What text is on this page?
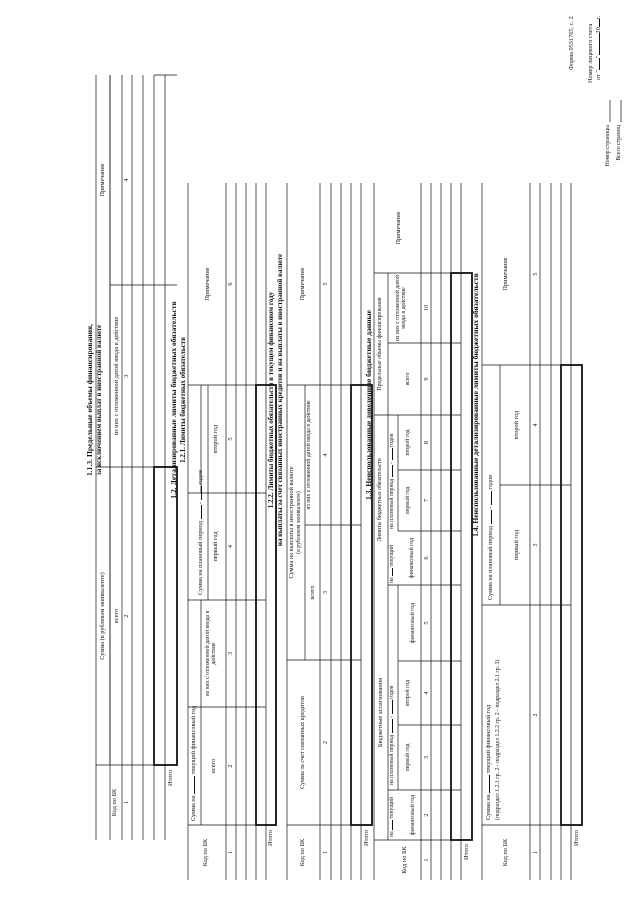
Форма 0531765, с. 2 Номер лицевого счета от ""20г.
1.1.3. Предельные объемы финансирования, за исключением выплат в иностранной валюте
Код по БК
Сумма (в рублевом эквиваленте) всего
из них с отложенной датой ввода в действие
Примечание
1
2
3
4
Итого
1.2. Детализированные лимиты бюджетных обязательств 1.2.1. Лимиты бюджетных обязательств
Код по БК
Сумма на  текущий финансовый год всего
из них с отложенной датой ввода в действие
Сумма на плановый период  -  годов
первый год
второй год
Примечание
1
2
3
4
5
6
Итого
1.2.2. Лимиты бюджетных обязательств в текущем финансовом году на выплаты за счет связанных иностранных кредитов и на выплаты в иностранной валюте
Код по БК
Сумма за счет связанных кредитов
Сумма на выплаты в иностранной валюте (в рублевом эквиваленте)
всего
из них с отложенной датой ввода в действие
Примечание
1
2
3
4
5
Итого
1.3. Неиспользованные доведенные бюджетные данные
Код по БК
Бюджетные ассигнования
на  текущий	финансовый год
на плановый период  -  годов
первый год
второй год
Лимиты бюджетных обязательств
на  текущий
финансовый год
на плановый период  -  годов
финансовый год
первый год
второй год
Предельные объемы финансирования	всего
из них с отложенной датой ввода в действие
Примечание
1
2
3
4
5
6
7
8
9
10
Итого
1.4. Неиспользованные детализированные лимиты бюджетных обязательств
Код по БК
Сумма на  текущий финансовый год (подраздел 1.2.1 гр. 2 - подраздел 1.2.2 гр. 2 - подраздел 2.1 гр. 3)
Сумма на плановый период  -  годов
первый год
второй год
Примечание
1
2
3
4
5
Итого
Номер страницы Всего страниц
